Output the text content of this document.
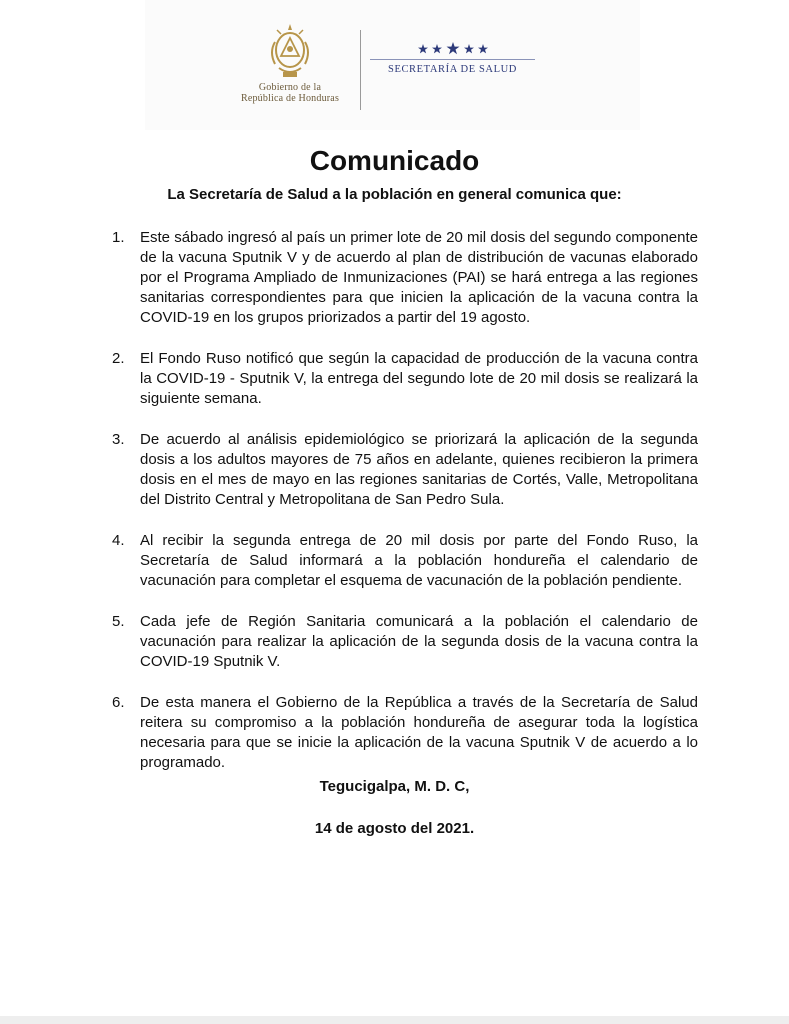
Gobierno de la
República de Honduras
SECRETARÍA DE SALUD
Comunicado
La Secretaría de Salud a la población en general comunica que:
1.	Este sábado ingresó al país un primer lote de 20 mil dosis del segundo componente de la vacuna Sputnik V y de acuerdo al plan de distribución de vacunas elaborado por el Programa Ampliado de Inmunizaciones (PAI) se hará entrega a las regiones sanitarias correspondientes para que inicien la aplicación de la vacuna contra la COVID-19 en los grupos priorizados a partir del 19 agosto.
2.	El Fondo Ruso notificó que según la capacidad de producción de la vacuna contra la COVID-19 - Sputnik V, la entrega del segundo lote de 20 mil dosis se realizará la siguiente semana.
3.	De acuerdo al análisis epidemiológico se priorizará la aplicación de la segunda dosis a los adultos mayores de 75 años en adelante, quienes recibieron la primera dosis en el mes de mayo en las regiones sanitarias de Cortés, Valle, Metropolitana del Distrito Central y Metropolitana de San Pedro Sula.
4.	Al recibir la segunda entrega de 20 mil dosis por parte del Fondo Ruso, la Secretaría de Salud informará a la población hondureña el calendario de vacunación para completar el esquema de vacunación de la población pendiente.
5.	Cada jefe de Región Sanitaria comunicará a la población el calendario de vacunación para realizar la aplicación de la segunda dosis de la vacuna contra la COVID-19 Sputnik V.
6.	De esta manera el Gobierno de la República a través de la Secretaría de Salud reitera su compromiso a la población hondureña de asegurar toda la logística necesaria para que se inicie la aplicación de la vacuna Sputnik V de acuerdo a lo programado.
Tegucigalpa, M. D. C,
14 de agosto del 2021.
